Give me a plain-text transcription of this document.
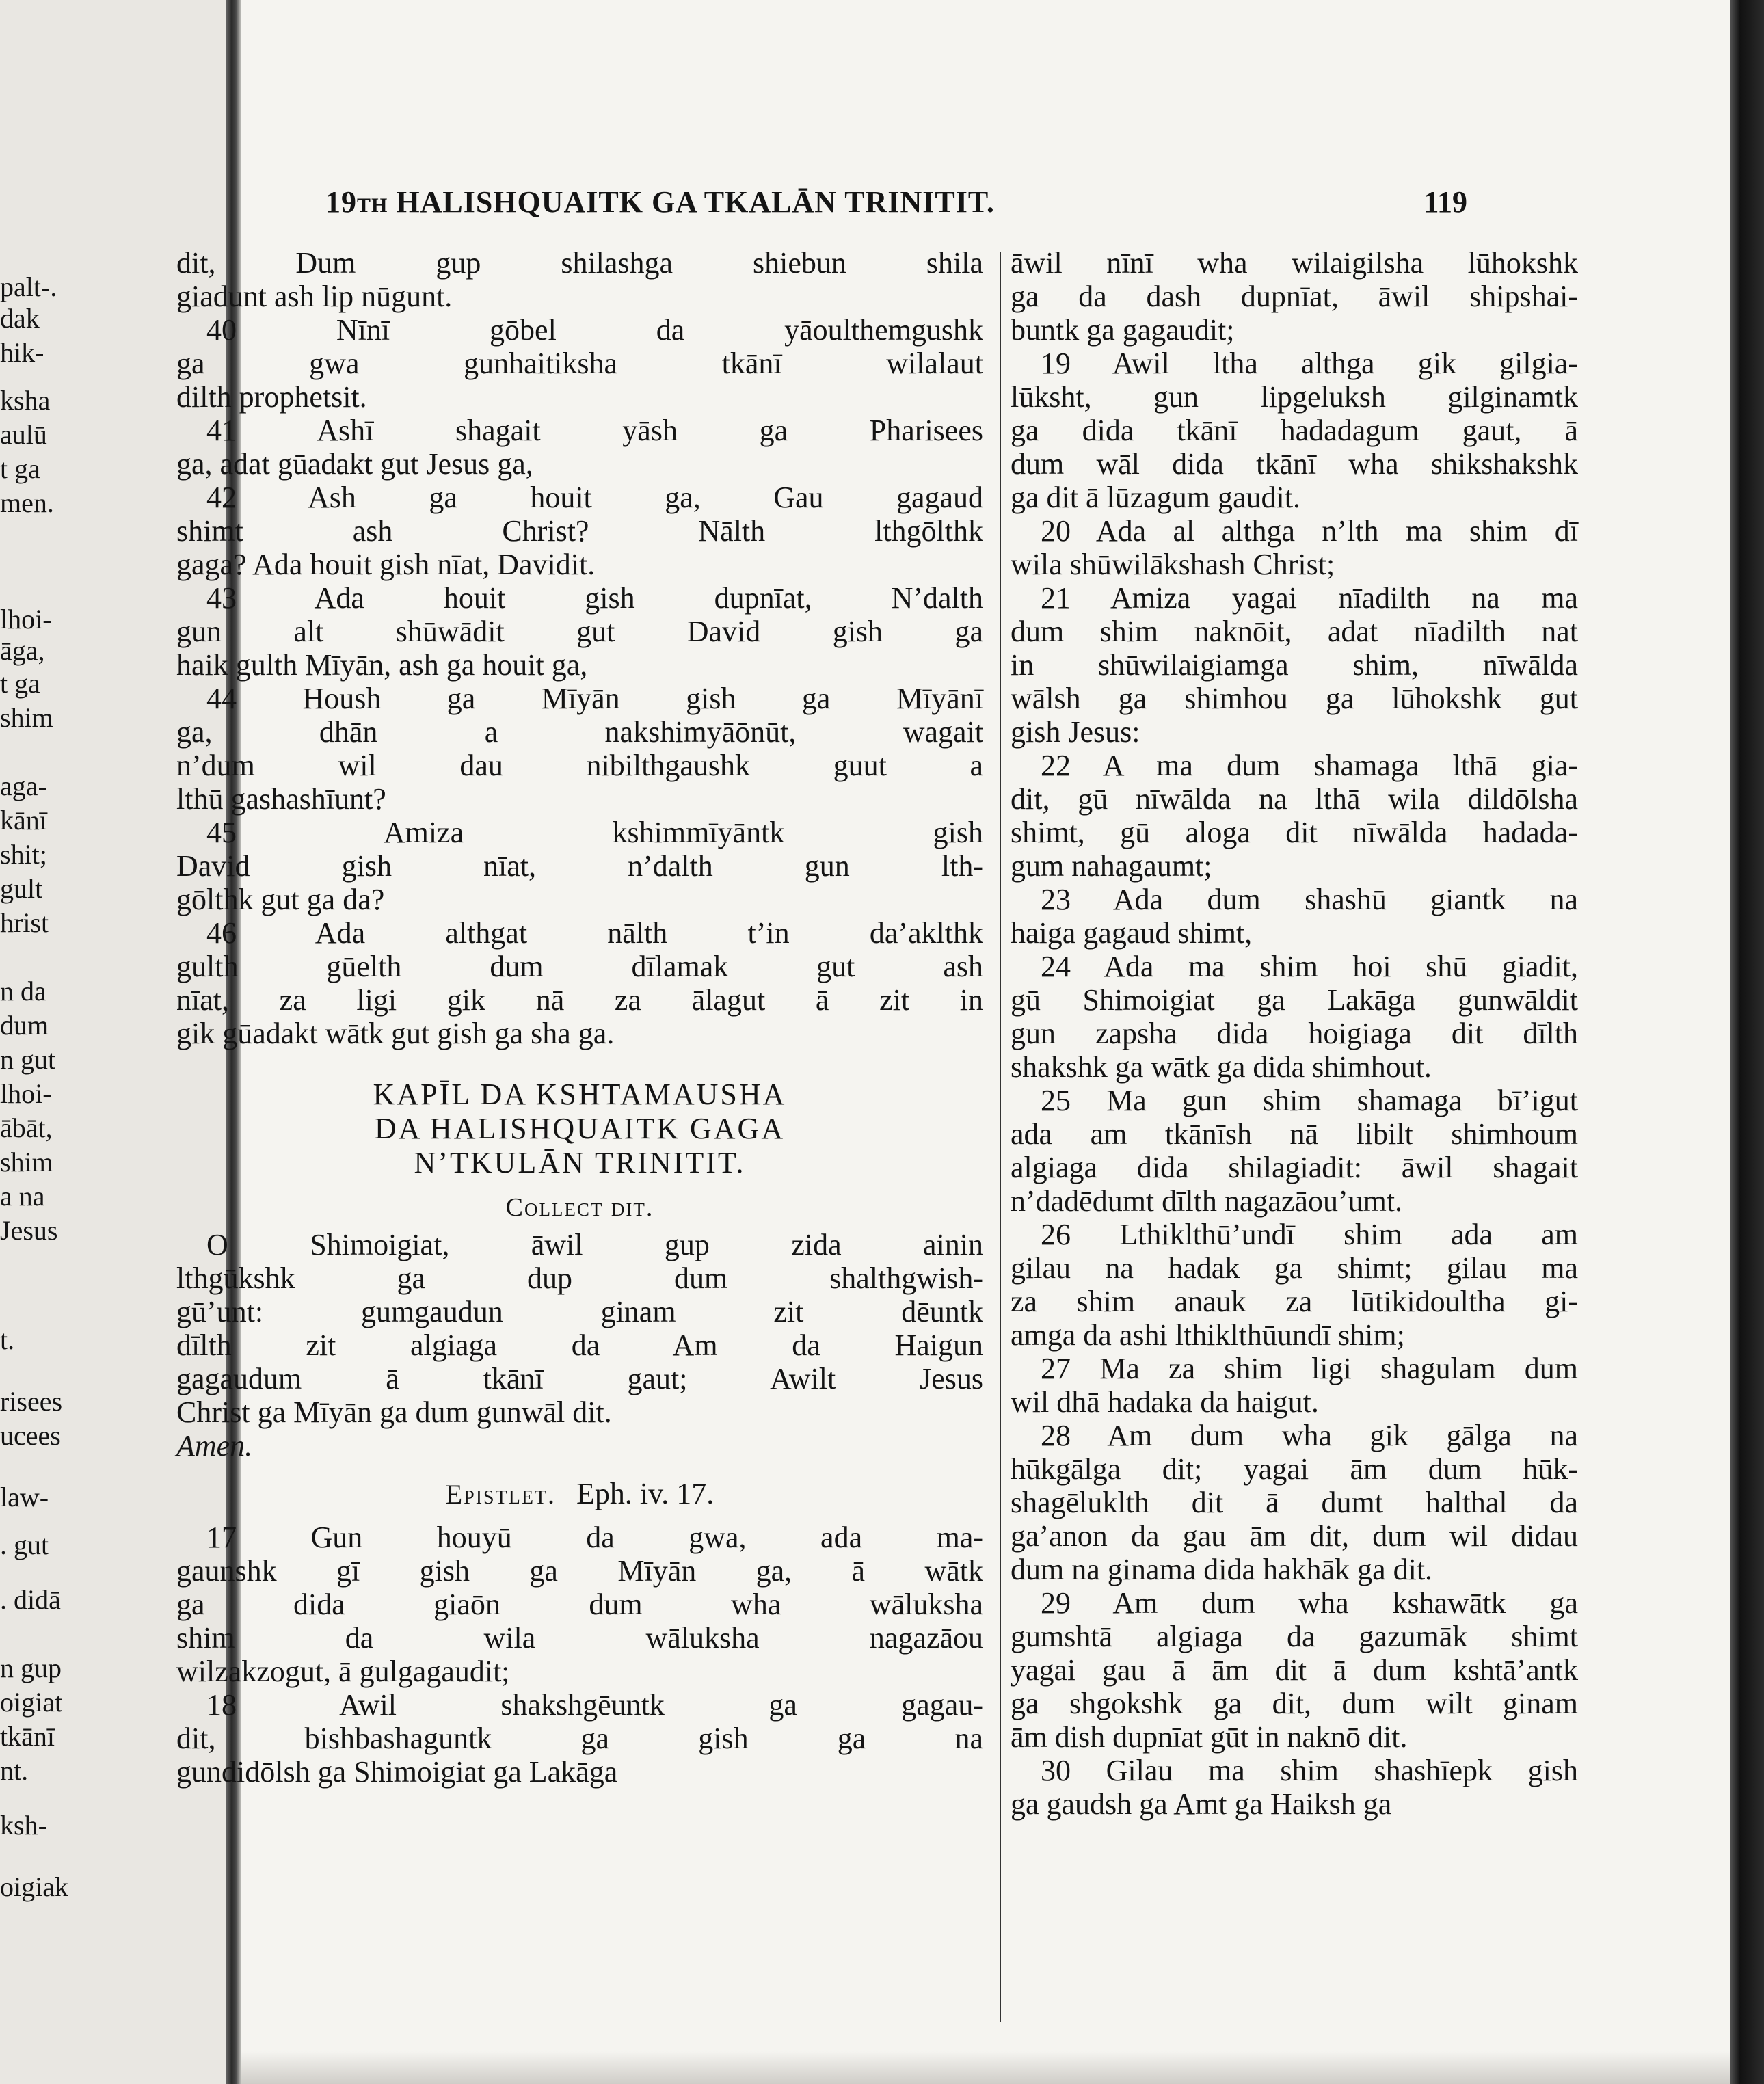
palt-.
dak
hik-
ksha
aulū
t ga
men.
lhoi-
āga,
t ga
shim
aga-
kānī
shit;
gult
hrist
n da
dum
n gut
lhoi-
ābāt,
shim
a na
Jesus
t.
risees
ucees
law-
. gut
. didā
n gup
oigiat
tkānī
nt.
ksh-
oigiak
19TH HALISHQUAITK GA TKALĀN TRINITIT.	119
dit, Dum gup shilashga shiebun shila
giadunt ash lip nūgunt.
40 Nīnī gōbel da yāoulthemgushk
ga gwa gunhaitiksha tkānī wilalaut
dilth prophetsit.
41 Ashī shagait yāsh ga Pharisees
ga, adat gūadakt gut Jesus ga,
42 Ash ga houit ga, Gau gagaud
shimt ash Christ? Nālth lthgōlthk
gaga? Ada houit gish nīat, Davidit.
43 Ada houit gish dupnīat, N’dalth
gun alt shūwādit gut David gish ga
haik gulth Mīyān, ash ga houit ga,
44 Housh ga Mīyān gish ga Mīyānī
ga, dhān a nakshimyāōnūt, wagait
n’dum wil dau nibilthgaushk guut a
lthū gashashīunt?
45 Amiza kshimmīyāntk gish
David gish nīat, n’dalth gun lth-
gōlthk gut ga da?
46 Ada althgat nālth t’in da’aklthk
gulth gūelth dum dīlamak gut ash
nīat, za ligi gik nā za ālagut ā zit in
gik gūadakt wātk gut gish ga sha ga.
KAPĪL DA KSHTAMAUSHA
DA HALISHQUAITK GAGA
N’TKULĀN TRINITIT.
Collect dit.
O Shimoigiat, āwil gup zida ainin
lthgūkshk ga dup dum shalthgwish-
gū’unt: gumgaudun ginam zit dēuntk
dīlth zit algiaga da Am da Haigun
gagaudum ā tkānī gaut; Awilt Jesus
Christ ga Mīyān ga dum gunwāl dit.
Amen.
Epistlet. Eph. iv. 17.
17 Gun houyū da gwa, ada ma-
gaunshk gī gish ga Mīyān ga, ā wātk
ga dida giaōn dum wha wāluksha
shim da wila wāluksha nagazāou
wilzakzogut, ā gulgagaudit;
18 Awil shakshgēuntk ga gagau-
dit, bishbashaguntk ga gish ga na
gundidōlsh ga Shimoigiat ga Lakāga
āwil nīnī wha wilaigilsha lūhokshk
ga da dash dupnīat, āwil shipshai-
buntk ga gagaudit;
19 Awil ltha althga gik gilgia-
lūksht, gun lipgeluksh gilginamtk
ga dida tkānī hadadagum gaut, ā
dum wāl dida tkānī wha shikshakshk
ga dit ā lūzagum gaudit.
20 Ada al althga n’lth ma shim dī
wila shūwilākshash Christ;
21 Amiza yagai nīadilth na ma
dum shim naknōit, adat nīadilth nat
in shūwilaigiamga shim, nīwālda
wālsh ga shimhou ga lūhokshk gut
gish Jesus:
22 A ma dum shamaga lthā gia-
dit, gū nīwālda na lthā wila dildōlsha
shimt, gū aloga dit nīwālda hadada-
gum nahagaumt;
23 Ada dum shashū giantk na
haiga gagaud shimt,
24 Ada ma shim hoi shū giadit,
gū Shimoigiat ga Lakāga gunwāldit
gun zapsha dida hoigiaga dit dīlth
shakshk ga wātk ga dida shimhout.
25 Ma gun shim shamaga bī’igut
ada am tkānīsh nā libilt shimhoum
algiaga dida shilagiadit: āwil shagait
n’dadēdumt dīlth nagazāou’umt.
26 Lthiklthū’undī shim ada am
gilau na hadak ga shimt; gilau ma
za shim anauk za lūtikidoultha gi-
amga da ashi lthiklthūundī shim;
27 Ma za shim ligi shagulam dum
wil dhā hadaka da haigut.
28 Am dum wha gik gālga na
hūkgālga dit; yagai ām dum hūk-
shagēluklth dit ā dumt halthal da
ga’anon da gau ām dit, dum wil didau
dum na ginama dida hakhāk ga dit.
29 Am dum wha kshawātk ga
gumshtā algiaga da gazumāk shimt
yagai gau ā ām dit ā dum kshtā’antk
ga shgokshk ga dit, dum wilt ginam
ām dish dupnīat gūt in naknō dit.
30 Gilau ma shim shashīepk gish
ga gaudsh ga Amt ga Haiksh ga
